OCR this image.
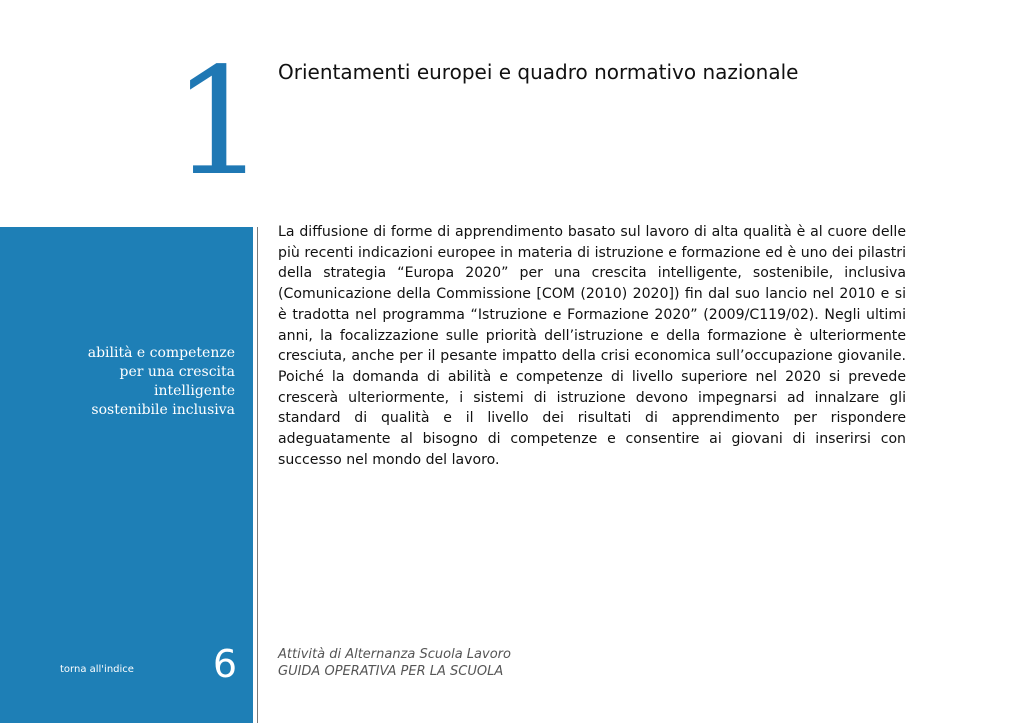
1 Orientamenti europei e quadro normativo nazionale
abilità e competenze
per una crescita
intelligente
sostenibile inclusiva
torna all'indice 6

La diffusione di forme di apprendimento basato sul lavoro di alta qualità è al cuore delle più recenti indicazioni europee in materia di istruzione e formazione ed è uno dei pilastri della strategia “Europa 2020” per una crescita intelligente, sostenibile, inclusiva (Comunicazione della Commissione [COM (2010) 2020]) fin dal suo lancio nel 2010 e si è tradotta nel programma “Istruzione e Formazione 2020” (2009/C119/02). Negli ultimi anni, la focalizzazione sulle priorità dell’istruzione e della formazione è ulteriormente cresciuta, anche per il pesante impatto della crisi economica sull’occupazione giovanile. Poiché la domanda di abilità e competenze di livello superiore nel 2020 si prevede crescerà ulteriormente, i sistemi di istruzione devono impegnarsi ad innalzare gli standard di qualità e il livello dei risultati di apprendimento per rispondere adeguatamente al bisogno di competenze e consentire ai giovani di inserirsi con successo nel mondo del lavoro.

Attività di Alternanza Scuola Lavoro
GUIDA OPERATIVA PER LA SCUOLA
